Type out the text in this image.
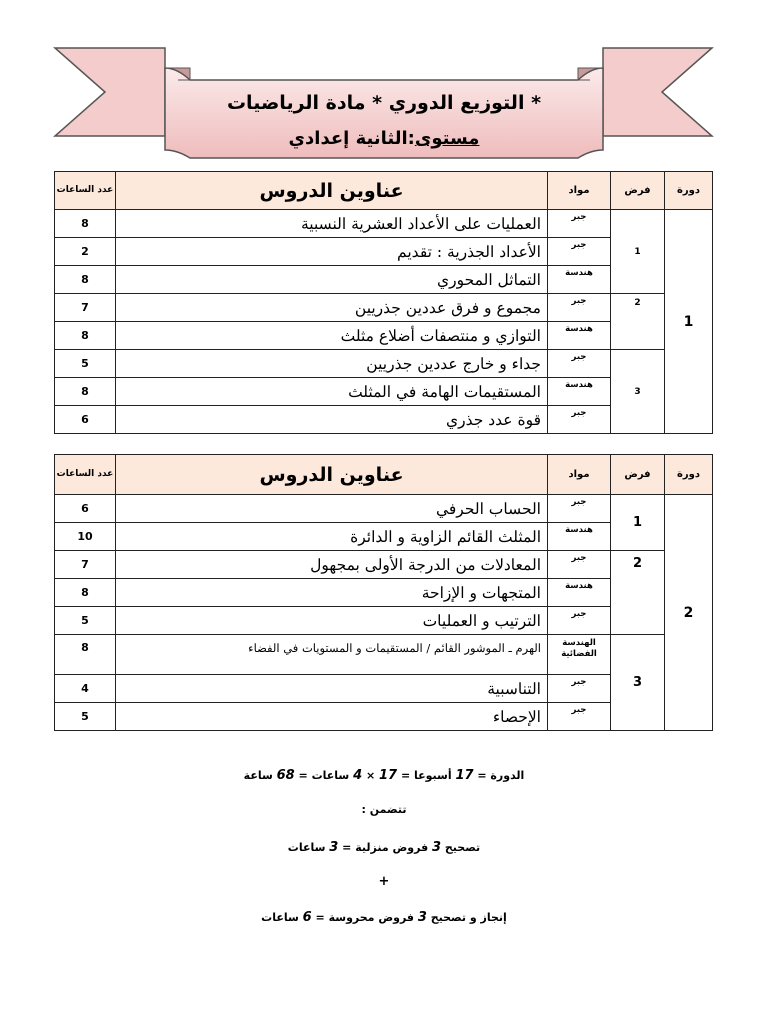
* التوزيع الدوري * مادة الرياضيات
مستوى:الثانية إعدادي
عدد الساعات	عناوين الدروس	مواد	فرض	دورة
8	العمليات على الأعداد العشرية النسبية	جبر	1	1
2	الأعداد الجذرية : تقديم	جبر		
8	التماثل المحوري	هندسة		
7	مجموع و فرق عددين جذريين	جبر	2	
8	التوازي و منتصفات أضلاع مثلث	هندسة		
5	جداء و خارج عددين جذريين	جبر	3	
8	المستقيمات الهامة في المثلث	هندسة		
6	قوة عدد جذري	جبر		
عدد الساعات	عناوين الدروس	مواد	فرض	دورة
6	الحساب الحرفي	جبر	1	2
10	المثلث القائم الزاوية و الدائرة	هندسة		
7	المعادلات من الدرجة الأولى بمجهول	جبر	2	
8	المتجهات و الإزاحة	هندسة		
5	الترتيب و العمليات	جبر		
8	الهرم ـ الموشور القائم / المستقيمات و المستويات في الفضاء	الهندسة الفضائية	3	
4	التناسبية	جبر		
5	الإحصاء	جبر		
الدورة = 17 أسبوعا = 17 × 4 ساعات = 68 ساعة
تتضمن :
تصحيح 3 فروض منزلية = 3 ساعات
+
إنجاز و تصحيح 3 فروض محروسة = 6 ساعات
